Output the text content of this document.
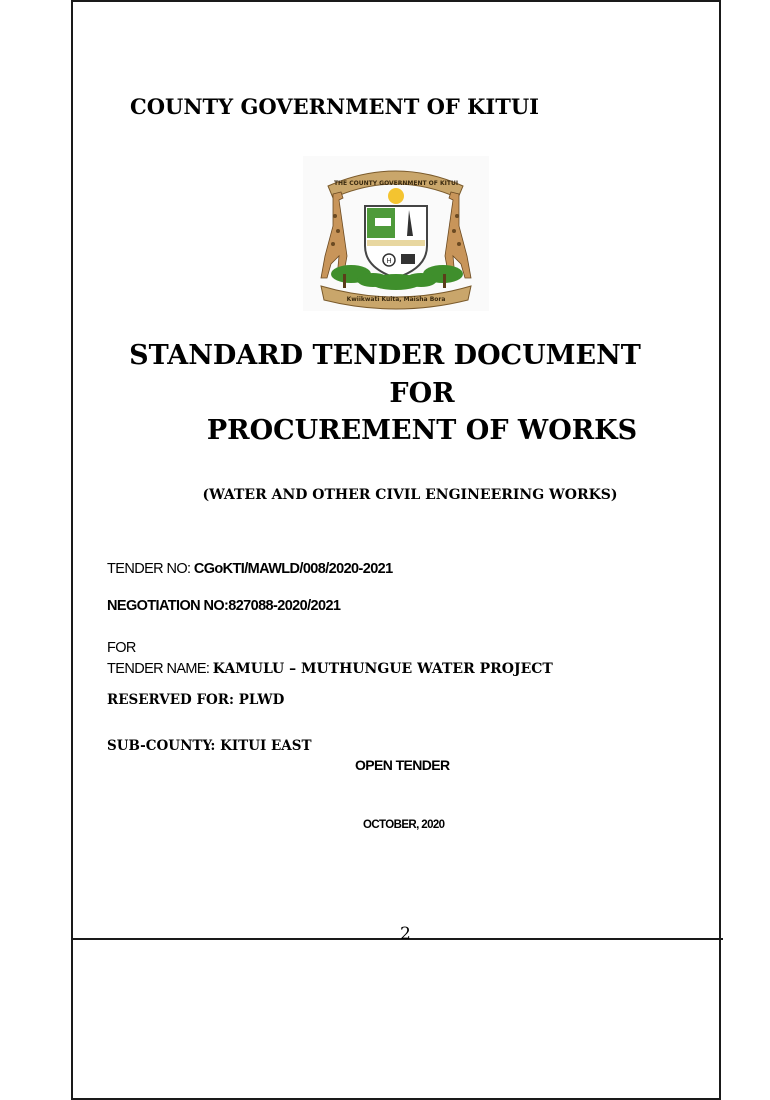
COUNTY GOVERNMENT OF KITUI
THE COUNTY GOVERNMENT OF KITUI
H
Kwiikwati Kuita, Maisha Bora
STANDARD TENDER DOCUMENT
FOR
PROCUREMENT OF WORKS
(WATER AND OTHER CIVIL ENGINEERING WORKS)
TENDER NO: CGoKTI/MAWLD/008/2020-2021
NEGOTIATION NO:827088-2020/2021
FOR
TENDER NAME: KAMULU – MUTHUNGUE WATER PROJECT
RESERVED FOR: PLWD
SUB-COUNTY: KITUI EAST
OPEN TENDER
OCTOBER, 2020
2
